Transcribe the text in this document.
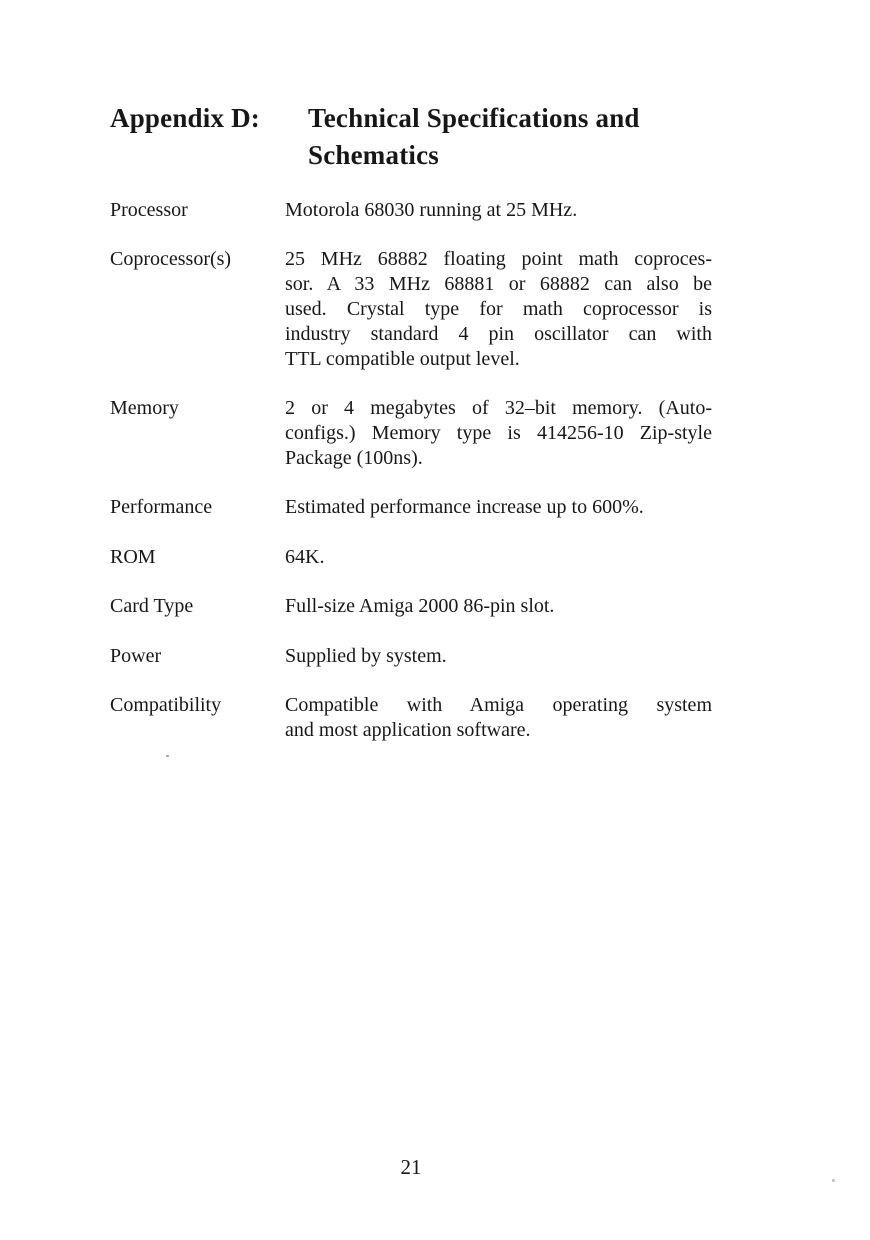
Appendix D:	Technical Specifications and
Schematics
Processor	Motorola 68030 running at 25 MHz.
Coprocessor(s)	25 MHz 68882 floating point math coproces-
sor. A 33 MHz 68881 or 68882 can also be
used. Crystal type for math coprocessor is
industry standard 4 pin oscillator can with
TTL compatible output level.
Memory	2 or 4 megabytes of 32–bit memory. (Auto-
configs.) Memory type is 414256-10 Zip-style
Package (100ns).
Performance	Estimated performance increase up to 600%.
ROM	64K.
Card Type	Full-size Amiga 2000 86-pin slot.
Power	Supplied by system.
Compatibility	Compatible with Amiga operating system
and most application software.
21
